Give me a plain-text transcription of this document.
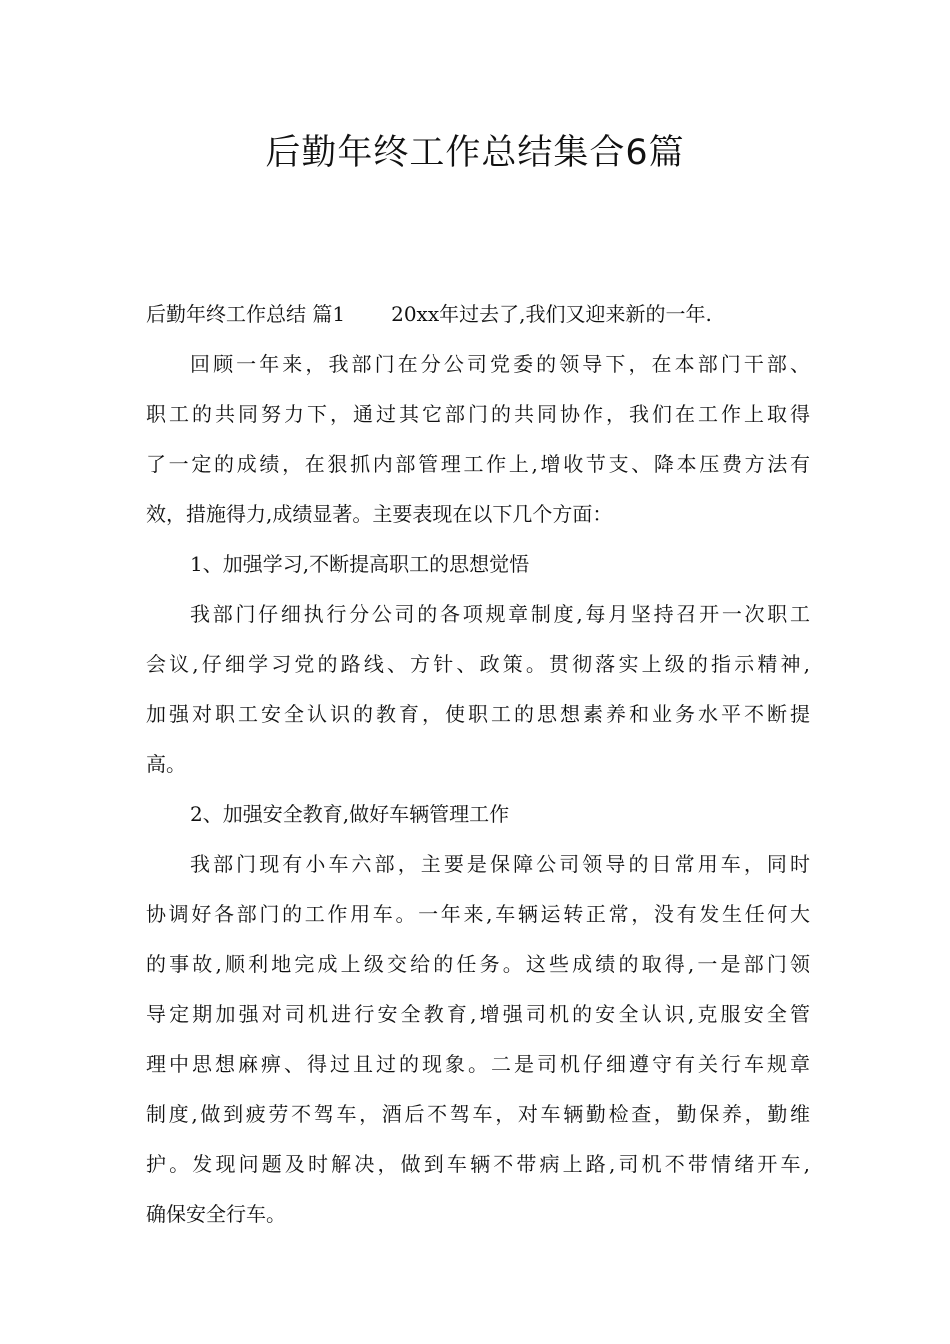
后勤年终工作总结集合6篇

后勤年终工作总结 篇1 20xx年过去了,我们又迎来新的一年.

回顾一年来，我部门在分公司党委的领导下，在本部门干部、

职工的共同努力下，通过其它部门的共同协作，我们在工作上取得

了一定的成绩，在狠抓内部管理工作上,增收节支、降本压费方法有

效，措施得力,成绩显著。主要表现在以下几个方面：

1、加强学习,不断提高职工的思想觉悟

我部门仔细执行分公司的各项规章制度,每月坚持召开一次职工

会议,仔细学习党的路线、方针、政策。贯彻落实上级的指示精神,

加强对职工安全认识的教育，使职工的思想素养和业务水平不断提

高。

2、加强安全教育,做好车辆管理工作

我部门现有小车六部，主要是保障公司领导的日常用车，同时

协调好各部门的工作用车。一年来,车辆运转正常，没有发生任何大

的事故,顺利地完成上级交给的任务。这些成绩的取得,一是部门领

导定期加强对司机进行安全教育,增强司机的安全认识,克服安全管

理中思想麻痹、得过且过的现象。二是司机仔细遵守有关行车规章

制度,做到疲劳不驾车，酒后不驾车，对车辆勤检查，勤保养，勤维

护。发现问题及时解决，做到车辆不带病上路,司机不带情绪开车,

确保安全行车。
